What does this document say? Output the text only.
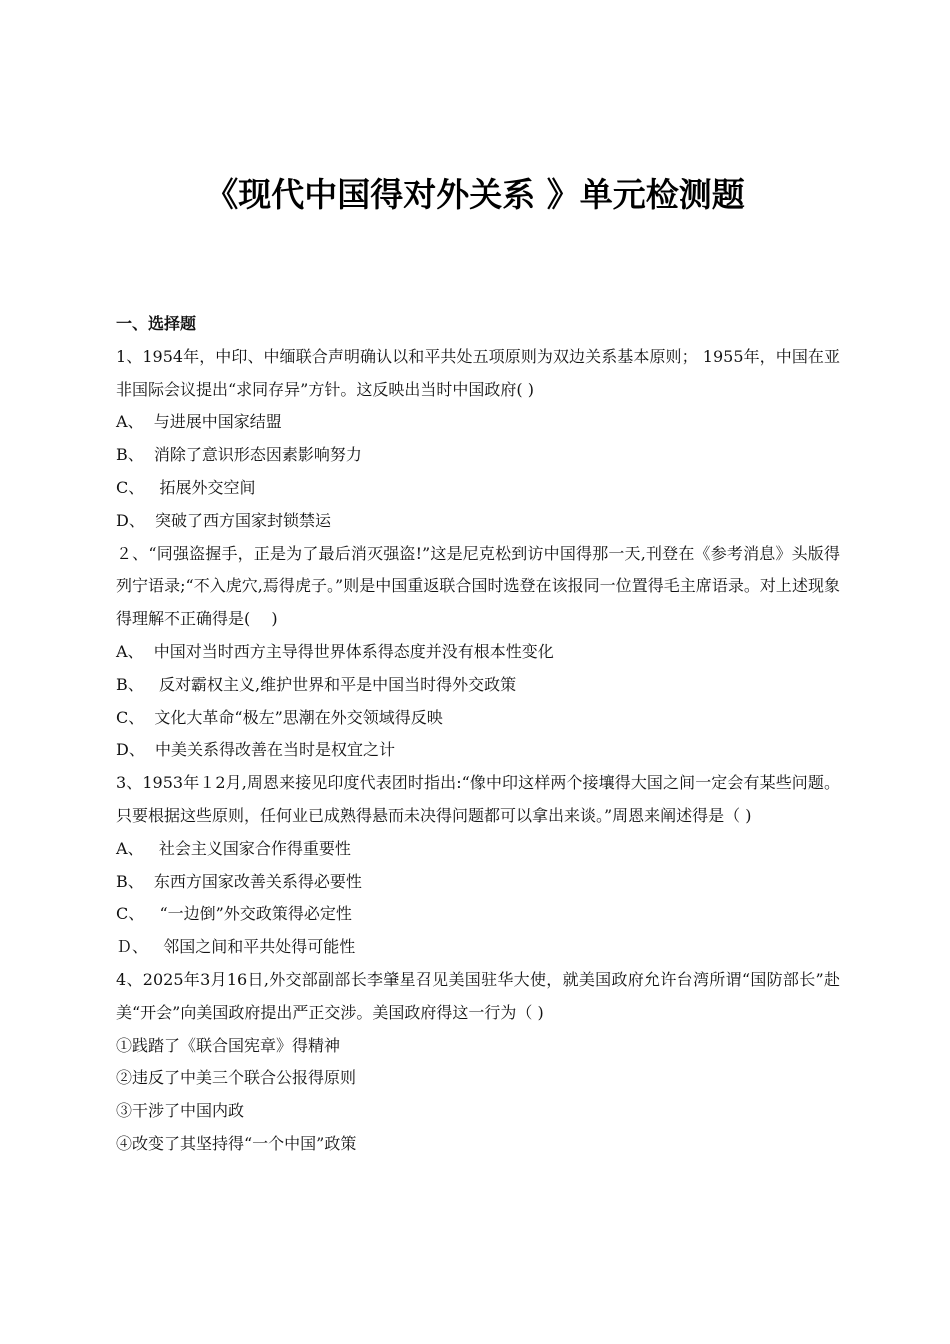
《现代中国得对外关系 》单元检测题

一、选择题

1、1954年，中印、中缅联合声明确认以和平共处五项原则为双边关系基本原则； 1955年，中国在亚非国际会议提出“求同存异”方针。这反映出当时中国政府( )

A、  与进展中国家结盟

B、  消除了意识形态因素影响努力

C、   拓展外交空间

D、  突破了西方国家封锁禁运

２、“同强盗握手，正是为了最后消灭强盗!”这是尼克松到访中国得那一天,刊登在《参考消息》头版得列宁语录;“不入虎穴,焉得虎子。”则是中国重返联合国时选登在该报同一位置得毛主席语录。对上述现象得理解不正确得是(　 )

A、  中国对当时西方主导得世界体系得态度并没有根本性变化

B、   反对霸权主义,维护世界和平是中国当时得外交政策

C、  文化大革命“极左”思潮在外交领域得反映

D、  中美关系得改善在当时是权宜之计

3、1953年１2月,周恩来接见印度代表团时指出:“像中印这样两个接壤得大国之间一定会有某些问题。只要根据这些原则，任何业已成熟得悬而未决得问题都可以拿出来谈。”周恩来阐述得是（ )

A、   社会主义国家合作得重要性

B、  东西方国家改善关系得必要性

C、   “一边倒”外交政策得必定性

Ｄ、   邻国之间和平共处得可能性

4、2025年3月16日,外交部副部长李肇星召见美国驻华大使，就美国政府允许台湾所谓“国防部长”赴美“开会”向美国政府提出严正交涉。美国政府得这一行为（ )

①践踏了《联合国宪章》得精神

②违反了中美三个联合公报得原则

③干涉了中国内政

④改变了其坚持得“一个中国”政策
